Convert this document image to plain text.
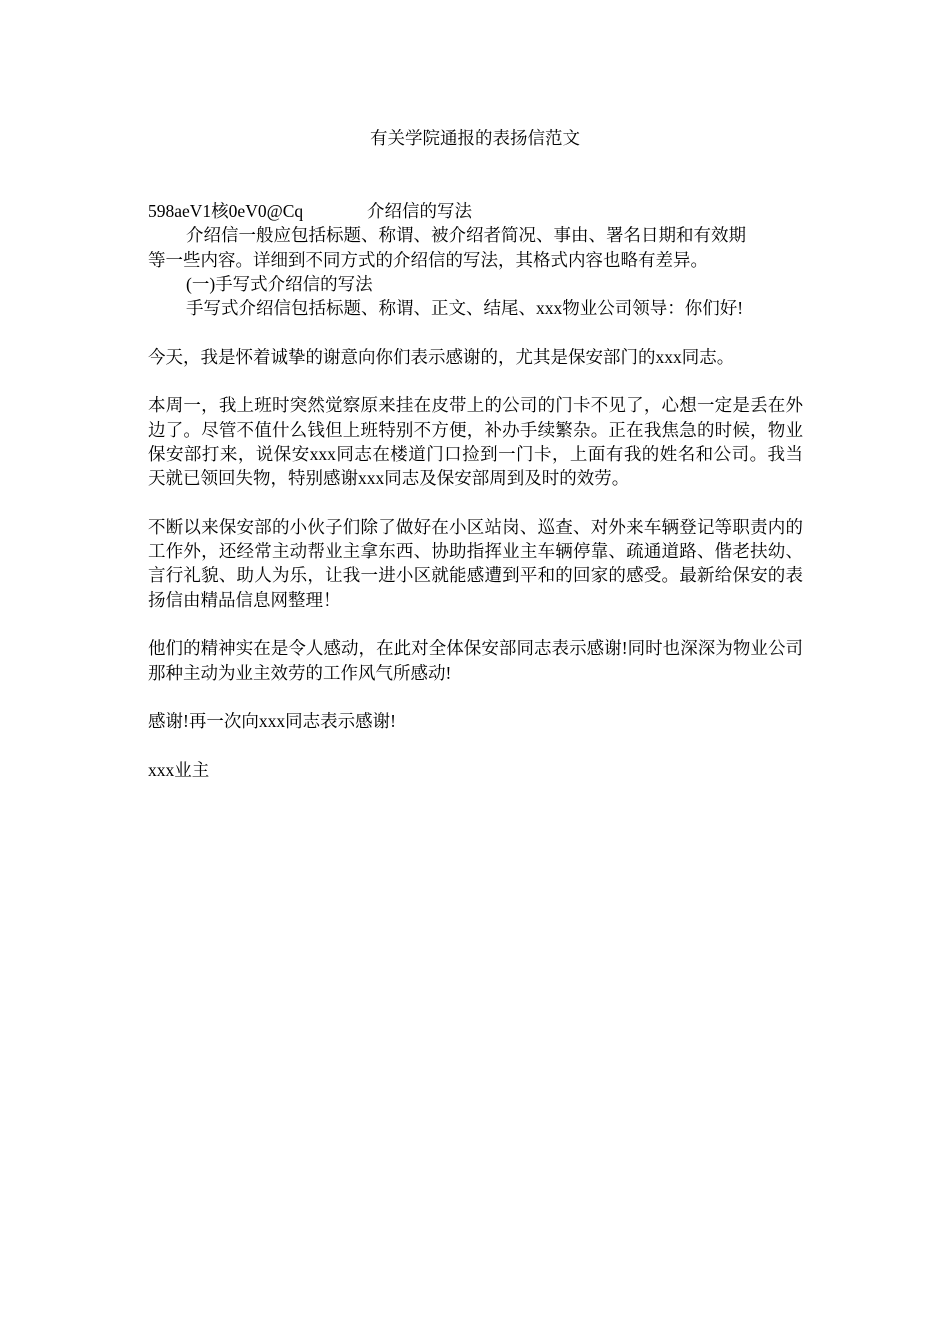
有关学院通报的表扬信范文

598aeV1核0eV0@Cq	介绍信的写法

介绍信一般应包括标题、称谓、被介绍者简况、事由、署名日期和有效期

等一些内容。详细到不同方式的介绍信的写法，其格式内容也略有差异。

(一)手写式介绍信的写法

手写式介绍信包括标题、称谓、正文、结尾、xxx物业公司领导：你们好!

今天，我是怀着诚挚的谢意向你们表示感谢的，尤其是保安部门的xxx同志。

本周一，我上班时突然觉察原来挂在皮带上的公司的门卡不见了，心想一定是丢在外边了。尽管不值什么钱但上班特别不方便，补办手续繁杂。正在我焦急的时候，物业保安部打来，说保安xxx同志在楼道门口捡到一门卡，上面有我的姓名和公司。我当天就已领回失物，特别感谢xxx同志及保安部周到及时的效劳。

不断以来保安部的小伙子们除了做好在小区站岗、巡查、对外来车辆登记等职责内的工作外，还经常主动帮业主拿东西、协助指挥业主车辆停靠、疏通道路、偕老扶幼、言行礼貌、助人为乐，让我一进小区就能感遭到平和的回家的感受。最新给保安的表扬信由精品信息网整理！

他们的精神实在是令人感动，在此对全体保安部同志表示感谢!同时也深深为物业公司那种主动为业主效劳的工作风气所感动!

感谢!再一次向xxx同志表示感谢!

xxx业主
